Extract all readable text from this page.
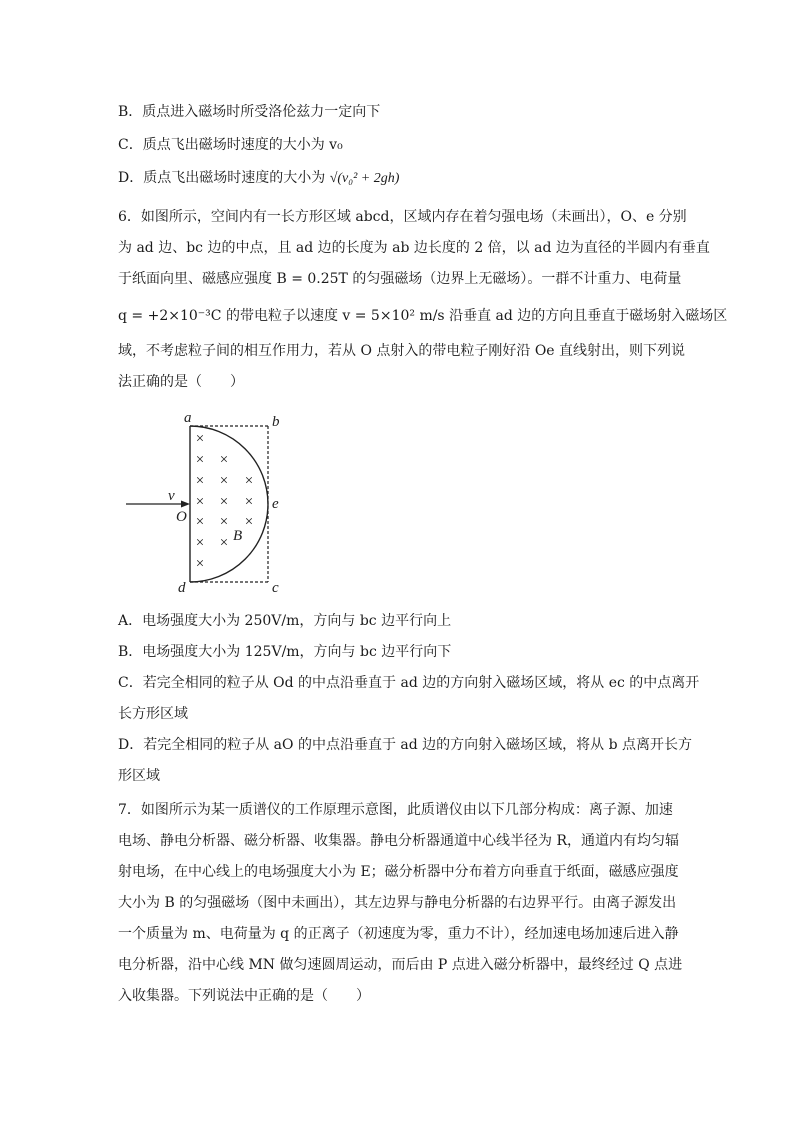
B．质点进入磁场时所受洛伦兹力一定向下
C．质点飞出磁场时速度的大小为 v₀
D．质点飞出磁场时速度的大小为 √(v₀² + 2gh)
6．如图所示，空间内有一长方形区域 abcd，区域内存在着匀强电场（未画出），O、e 分别
为 ad 边、bc 边的中点，且 ad 边的长度为 ab 边长度的 2 倍，以 ad 边为直径的半圆内有垂直
于纸面向里、磁感应强度 B = 0.25T 的匀强磁场（边界上无磁场）。一群不计重力、电荷量
q = +2×10⁻³C 的带电粒子以速度 v = 5×10² m/s 沿垂直 ad 边的方向且垂直于磁场射入磁场区
域，不考虑粒子间的相互作用力，若从 O 点射入的带电粒子刚好沿 Oe 直线射出，则下列说
法正确的是（　　）
×
× ×
× × ×
× × ×
× × ×
× ×
×
a	b
c
d
e
O
B
v
A．电场强度大小为 250V/m，方向与 bc 边平行向上
B．电场强度大小为 125V/m，方向与 bc 边平行向下
C．若完全相同的粒子从 Od 的中点沿垂直于 ad 边的方向射入磁场区域，将从 ec 的中点离开
长方形区域
D．若完全相同的粒子从 aO 的中点沿垂直于 ad 边的方向射入磁场区域，将从 b 点离开长方
形区域
7．如图所示为某一质谱仪的工作原理示意图，此质谱仪由以下几部分构成：离子源、加速
电场、静电分析器、磁分析器、收集器。静电分析器通道中心线半径为 R，通道内有均匀辐
射电场，在中心线上的电场强度大小为 E；磁分析器中分布着方向垂直于纸面，磁感应强度
大小为 B 的匀强磁场（图中未画出），其左边界与静电分析器的右边界平行。由离子源发出
一个质量为 m、电荷量为 q 的正离子（初速度为零，重力不计），经加速电场加速后进入静
电分析器，沿中心线 MN 做匀速圆周运动，而后由 P 点进入磁分析器中，最终经过 Q 点进
入收集器。下列说法中正确的是（　　）
